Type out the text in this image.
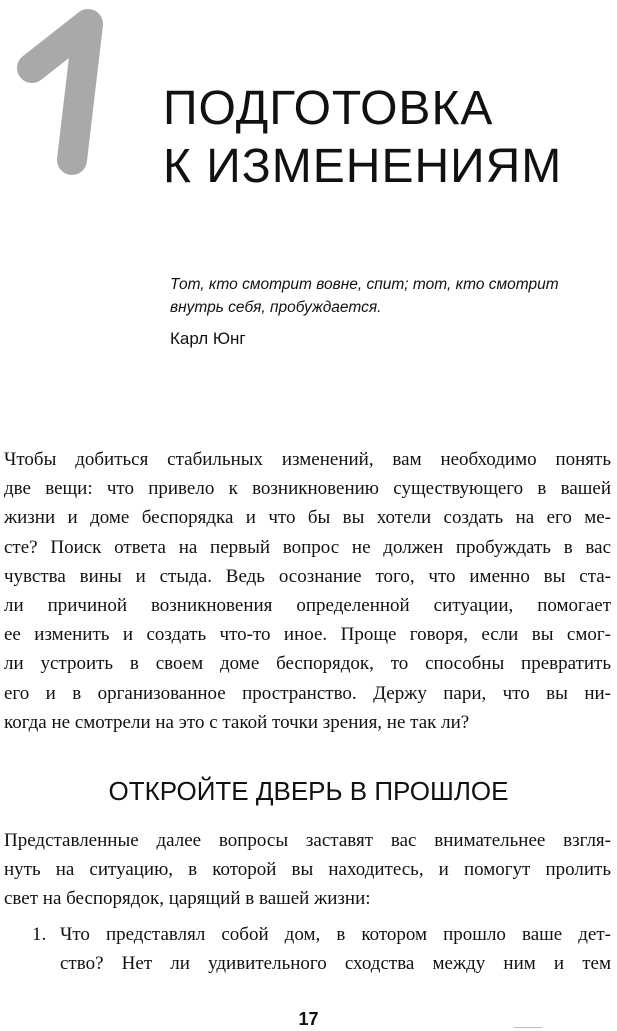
ПОДГОТОВКА
К ИЗМЕНЕНИЯМ
Тот, кто смотрит вовне, спит; тот, кто смотрит
внутрь себя, пробуждается.
Карл Юнг
Чтобы добиться стабильных изменений, вам необходимо понять
две вещи: что привело к возникновению существующего в вашей
жизни и доме беспорядка и что бы вы хотели создать на его ме-
сте? Поиск ответа на первый вопрос не должен пробуждать в вас
чувства вины и стыда. Ведь осознание того, что именно вы ста-
ли причиной возникновения определенной ситуации, помогает
ее изменить и создать что-то иное. Проще говоря, если вы смог-
ли устроить в своем доме беспорядок, то способны превратить
его и в организованное пространство. Держу пари, что вы ни-
когда не смотрели на это с такой точки зрения, не так ли?
ОТКРОЙТЕ ДВЕРЬ В ПРОШЛОЕ
Представленные далее вопросы заставят вас внимательнее взгля-
нуть на ситуацию, в которой вы находитесь, и помогут пролить
свет на беспорядок, царящий в вашей жизни:
1. Что представлял собой дом, в котором прошло ваше дет-
ство? Нет ли удивительного сходства между ним и тем
17
